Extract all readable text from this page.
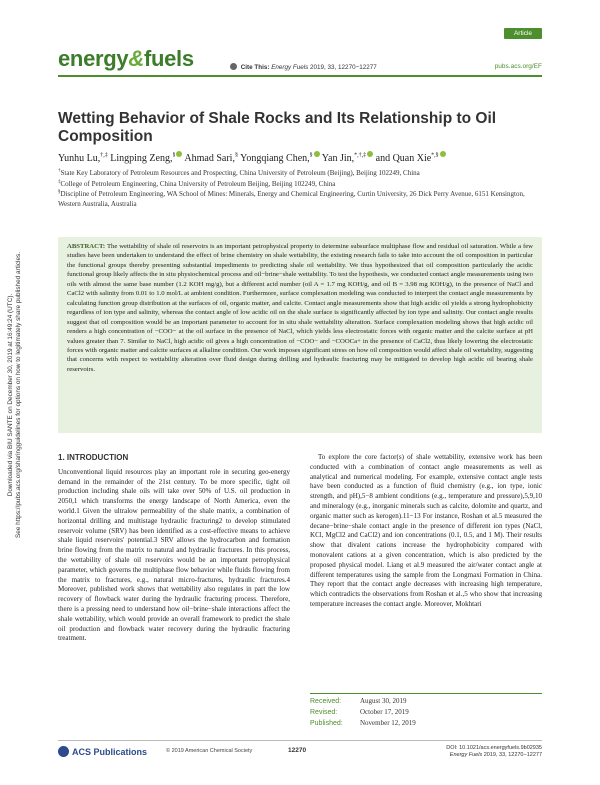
Downloaded via BIU SANTE on December 30, 2019 at 16:49:24 (UTC). See https://pubs.acs.org/sharingguidelines for options on how to legitimately share published articles.
Article
energy&fuels	Cite This: Energy Fuels 2019, 33, 12270−12277	pubs.acs.org/EF
Wetting Behavior of Shale Rocks and Its Relationship to Oil Composition
Yunhu Lu,†,‡ Lingping Zeng,§ Ahmad Sari,§ Yongqiang Chen,§ Yan Jin,*,†,‡ and Quan Xie*,§

†State Key Laboratory of Petroleum Resources and Prospecting, China University of Petroleum (Beijing), Beijing 102249, China

‡College of Petroleum Engineering, China University of Petroleum Beijing, Beijing 102249, China

§Discipline of Petroleum Engineering, WA School of Mines: Minerals, Energy and Chemical Engineering, Curtin University, 26 Dick Perry Avenue, 6151 Kensington, Western Australia, Australia

ABSTRACT: The wettability of shale oil reservoirs is an important petrophysical property to determine subsurface multiphase flow and residual oil saturation. While a few studies have been undertaken to understand the effect of brine chemistry on shale wettability, the existing research fails to take into account the oil composition in particular the functional groups thereby presenting substantial impediments to predicting shale oil wettability. We thus hypothesized that oil composition particularly the acidic functional group likely affects the in situ physiochemical process and oil−brine−shale wettability. To test the hypothesis, we conducted contact angle measurements using two oils with almost the same base number (1.2 KOH mg/g), but a different acid number (oil A = 1.7 mg KOH/g, and oil B = 3.98 mg KOH/g), in the presence of NaCl and CaCl2 with salinity from 0.01 to 1.0 mol/L at ambient condition. Furthermore, surface complexation modeling was conducted to interpret the contact angle measurements by calculating function group distribution at the surfaces of oil, organic matter, and calcite. Contact angle measurements show that high acidic oil yields a strong hydrophobicity regardless of ion type and salinity, whereas the contact angle of low acidic oil on the shale surface is significantly affected by ion type and salinity. Our contact angle results suggest that oil composition would be an important parameter to account for in situ shale wettability alteration. Surface complexation modeling shows that high acidic oil renders a high concentration of −COO− at the oil surface in the presence of NaCl, which yields less electrostatic forces with organic matter and the calcite surface at pH values greater than 7. Similar to NaCl, high acidic oil gives a high concentration of −COO− and −COOCa+ in the presence of CaCl2, thus likely lowering the electrostatic forces with organic matter and calcite surfaces at alkaline condition. Our work imposes significant stress on how oil composition would affect shale oil wettability, suggesting that concerns with respect to wettability alteration over fluid design during drilling and hydraulic fracturing may be mitigated to develop high acidic oil bearing shale reservoirs.

1. INTRODUCTION

Unconventional liquid resources play an important role in securing geo-energy demand in the remainder of the 21st century. To be more specific, tight oil production including shale oils will take over 50% of U.S. oil production in 2050,1 which transforms the energy landscape of North America, even the world.1 Given the ultralow permeability of the shale matrix, a combination of horizontal drilling and multistage hydraulic fracturing2 to develop stimulated reservoir volume (SRV) has been identified as a cost-effective means to achieve shale liquid reservoirs' potential.3 SRV allows the hydrocarbon and formation brine flowing from the matrix to natural and hydraulic fractures. In this process, the wettability of shale oil reservoirs would be an important petrophysical parameter, which governs the multiphase flow behavior while fluids flowing from the matrix to fractures, e.g., natural micro-fractures, hydraulic fractures.4 Moreover, published work shows that wettability also regulates in part the low recovery of flowback water during the hydraulic fracturing process. Therefore, there is a pressing need to understand how oil−brine−shale interactions affect the shale wettability, which would provide an overall framework to predict the shale oil production and flowback water recovery during the hydraulic fracturing treatment.

To explore the core factor(s) of shale wettability, extensive work has been conducted with a combination of contact angle measurements as well as analytical and numerical modeling. For example, extensive contact angle tests have been conducted as a function of fluid chemistry (e.g., ion type, ionic strength, and pH),5−8 ambient conditions (e.g., temperature and pressure),5,9,10 and mineralogy (e.g., inorganic minerals such as calcite, dolomite and quartz, and organic matter such as kerogen).11−13 For instance, Roshan et al.5 measured the decane−brine−shale contact angle in the presence of different ion types (NaCl, KCl, MgCl2 and CaCl2) and ion concentrations (0.1, 0.5, and 1 M). Their results show that divalent cations increase the hydrophobicity compared with monovalent cations at a given concentration, which is also predicted by the proposed physical model. Liang et al.9 measured the air/water contact angle at different temperatures using the sample from the Longmaxi Formation in China. They report that the contact angle decreases with increasing high temperature, which contradicts the observations from Roshan et al.,5 who show that increasing temperature increases the contact angle. Moreover, Mokhtari

Received:	August 30, 2019
Revised:	October 17, 2019
Published: November 12, 2019
ACS Publications	© 2019 American Chemical Society	12270	DOI: 10.1021/acs.energyfuels.9b02935
Energy Fuels 2019, 33, 12270−12277
